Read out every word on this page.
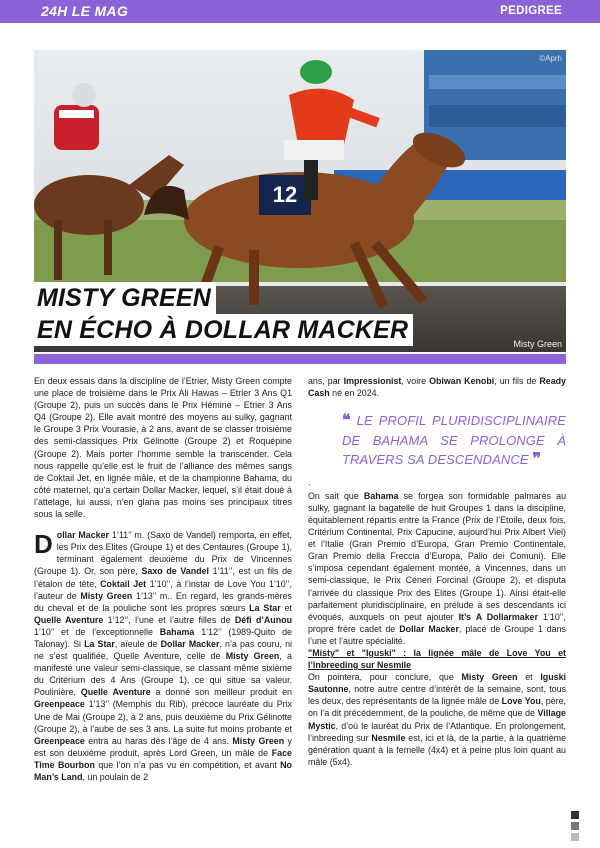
24H LE MAG	PEDIGREE
12
©Aprh
Misty Green
MISTY GREEN
EN ÉCHO À DOLLAR MACKER

En deux essais dans la discipline de l’Etrier, Misty Green compte une place de troisième dans le Prix Ali Hawas – Etrier 3 Ans Q1 (Groupe 2), puis un succès dans le Prix Hémine – Etrier 3 Ans Q4 (Groupe 2). Elle avait montré des moyens au sulky, gagnant le Groupe 3 Prix Vourasie, à 2 ans, avant de se classer troisième des semi-classiques Prix Gélinotte (Groupe 2) et Roquépine (Groupe 2). Mais porter l’homme semble la transcender. Cela nous rappelle qu’elle est le fruit de l’alliance des mêmes sangs de Coktail Jet, en lignée mâle, et de la championne Bahama, du côté maternel, qu’a certain Dollar Macker, lequel, s’il était doué à l’attelage, lui aussi, n’en glana pas moins ses principaux titres sous la selle.

D ollar Macker 1’11’’ m. (Saxo de Vandel) remporta, en effet, les Prix des Elites (Groupe 1) et des Centaures (Groupe 1), terminant également deuxième du Prix de Vincennes (Groupe 1). Or, son père, Saxo de Vandel 1’11’’, est un fils de l’étalon de tête, Coktail Jet 1’10’’, à l’instar de Love You 1’10’’, l’auteur de Misty Green 1’13’’ m.. En regard, les grands-mères du cheval et de la pouliche sont les propres sœurs La Star et Quelle Aventure 1’12’’, l’une et l’autre filles de Défi d’Aunou 1’10’’ et de l’exceptionnelle Bahama 1’12’’ (1989-Quito de Talonay). Si La Star, aïeule de Dollar Macker, n’a pas couru, ni ne s’est qualifiée, Quelle Aventure, celle de Misty Green, a manifesté une valeur semi-classique, se classant même sixième du Critérium des 4 Ans (Groupe 1), ce qui situe sa valeur. Poulinière, Quelle Aventure a donné son meilleur produit en Greenpeace 1’13’’ (Memphis du Rib), précoce lauréate du Prix Une de Mai (Groupe 2), à 2 ans, puis deuxième du Prix Gélinotte (Groupe 2), à l’aube de ses 3 ans. La suite fut moins probante et Greenpeace entra au haras dès l’âge de 4 ans. Misty Green y est son deuxième produit, après Lord Green, un mâle de Face Time Bourbon que l’on n’a pas vu en compétition, et avant No Man’s Land, un poulain de 2

ans, par Impressionist, voire Obiwan Kenobi, un fils de Ready Cash né en 2024.

❝ LE PROFIL PLURIDISCIPLINAIRE DE BAHAMA SE PROLONGE À TRAVERS SA DESCENDANCE ❞
.

On sait que Bahama se forgea son formidable palmarès au sulky, gagnant la bagatelle de huit Groupes 1 dans la discipline, équitablement répartis entre la France (Prix de l’Etoile, deux fois, Critérium Continental, Prix Capucine, aujourd’hui Prix Albert Viel) et l’Italie (Gran Premio d’Europa, Gran Premio Continentale, Gran Premio della Freccia d’Europa, Palio dei Comuni). Elle s’imposa cependant également montée, à Vincennes, dans un semi-classique, le Prix Céneri Forcinal (Groupe 2), et disputa l’arrivée du classique Prix des Elites (Groupe 1). Ainsi était-elle parfaitement pluridisciplinaire, en prélude à ses descendants ici évoqués, auxquels on peut ajouter It’s A Dollarmaker 1’10’’, propre frère cadet de Dollar Macker, placé de Groupe 1 dans l’une et l’autre spécialité.

"Misty" et "Iguski" : la lignée mâle de Love You et l’inbreeding sur Nesmile

On pointera, pour conclure, que Misty Green et Iguski Sautonne, notre autre centre d’intérêt de la semaine, sont, tous les deux, des représentants de la lignée mâle de Love You, père, on l’a dit précédemment, de la pouliche, de même que de Village Mystic, d’où le lauréat du Prix de l’Atlantique. En prolongement, l’inbreeding sur Nesmile est, ici et là, de la partie, à la quatrième génération quant à la femelle (4x4) et à peine plus loin quant au mâle (5x4).
